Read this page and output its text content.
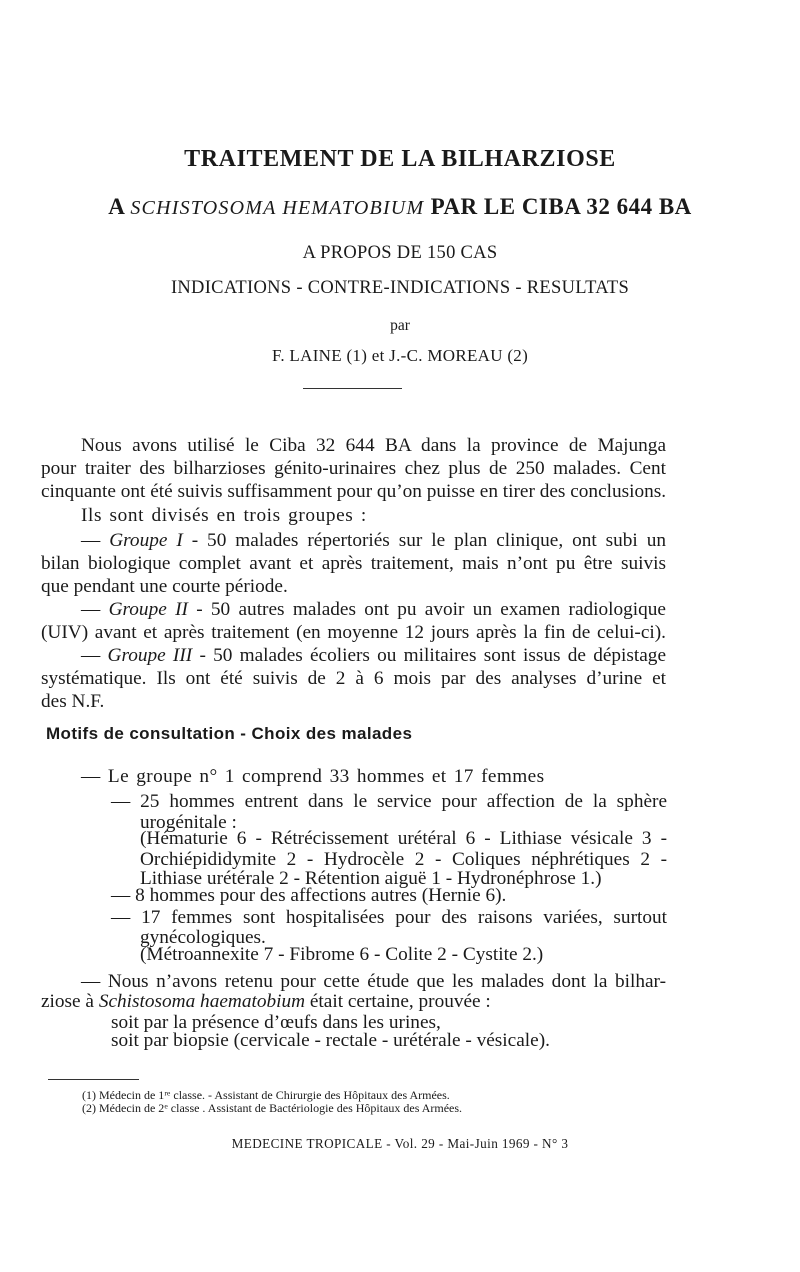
TRAITEMENT DE LA BILHARZIOSE
A SCHISTOSOMA HEMATOBIUM PAR LE CIBA 32 644 BA
A PROPOS DE 150 CAS
INDICATIONS - CONTRE-INDICATIONS - RESULTATS
par
F. LAINE (1) et J.-C. MOREAU (2)
Nous avons utilisé le Ciba 32 644 BA dans la province de Majunga
pour traiter des bilharzioses génito-urinaires chez plus de 250 malades. Cent
cinquante ont été suivis suffisamment pour qu’on puisse en tirer des conclusions.
Ils sont divisés en trois groupes :
— Groupe I - 50 malades répertoriés sur le plan clinique, ont subi un
bilan biologique complet avant et après traitement, mais n’ont pu être suivis
que pendant une courte période.
— Groupe II - 50 autres malades ont pu avoir un examen radiologique
(UIV) avant et après traitement (en moyenne 12 jours après la fin de celui-ci).
— Groupe III - 50 malades écoliers ou militaires sont issus de dépistage
systématique. Ils ont été suivis de 2 à 6 mois par des analyses d’urine et
des N.F.
Motifs de consultation - Choix des malades
— Le groupe n° 1 comprend 33 hommes et 17 femmes
— 25 hommes entrent dans le service pour affection de la sphère
urogénitale :
(Hématurie 6 - Rétrécissement urétéral 6 - Lithiase vésicale 3 -
Orchiépididymite 2 - Hydrocèle 2 - Coliques néphrétiques 2 -
Lithiase urétérale 2 - Rétention aiguë 1 - Hydronéphrose 1.)
— 8 hommes pour des affections autres (Hernie 6).
— 17 femmes sont hospitalisées pour des raisons variées, surtout
gynécologiques.
(Métroannexite 7 - Fibrome 6 - Colite 2 - Cystite 2.)
— Nous n’avons retenu pour cette étude que les malades dont la bilhar-
ziose à Schistosoma haematobium était certaine, prouvée :
soit par la présence d’œufs dans les urines,
soit par biopsie (cervicale - rectale - urétérale - vésicale).
(1) Médecin de 1re classe. - Assistant de Chirurgie des Hôpitaux des Armées.
(2) Médecin de 2e classe . Assistant de Bactériologie des Hôpitaux des Armées.
MEDECINE TROPICALE - Vol. 29 - Mai-Juin 1969 - N° 3
